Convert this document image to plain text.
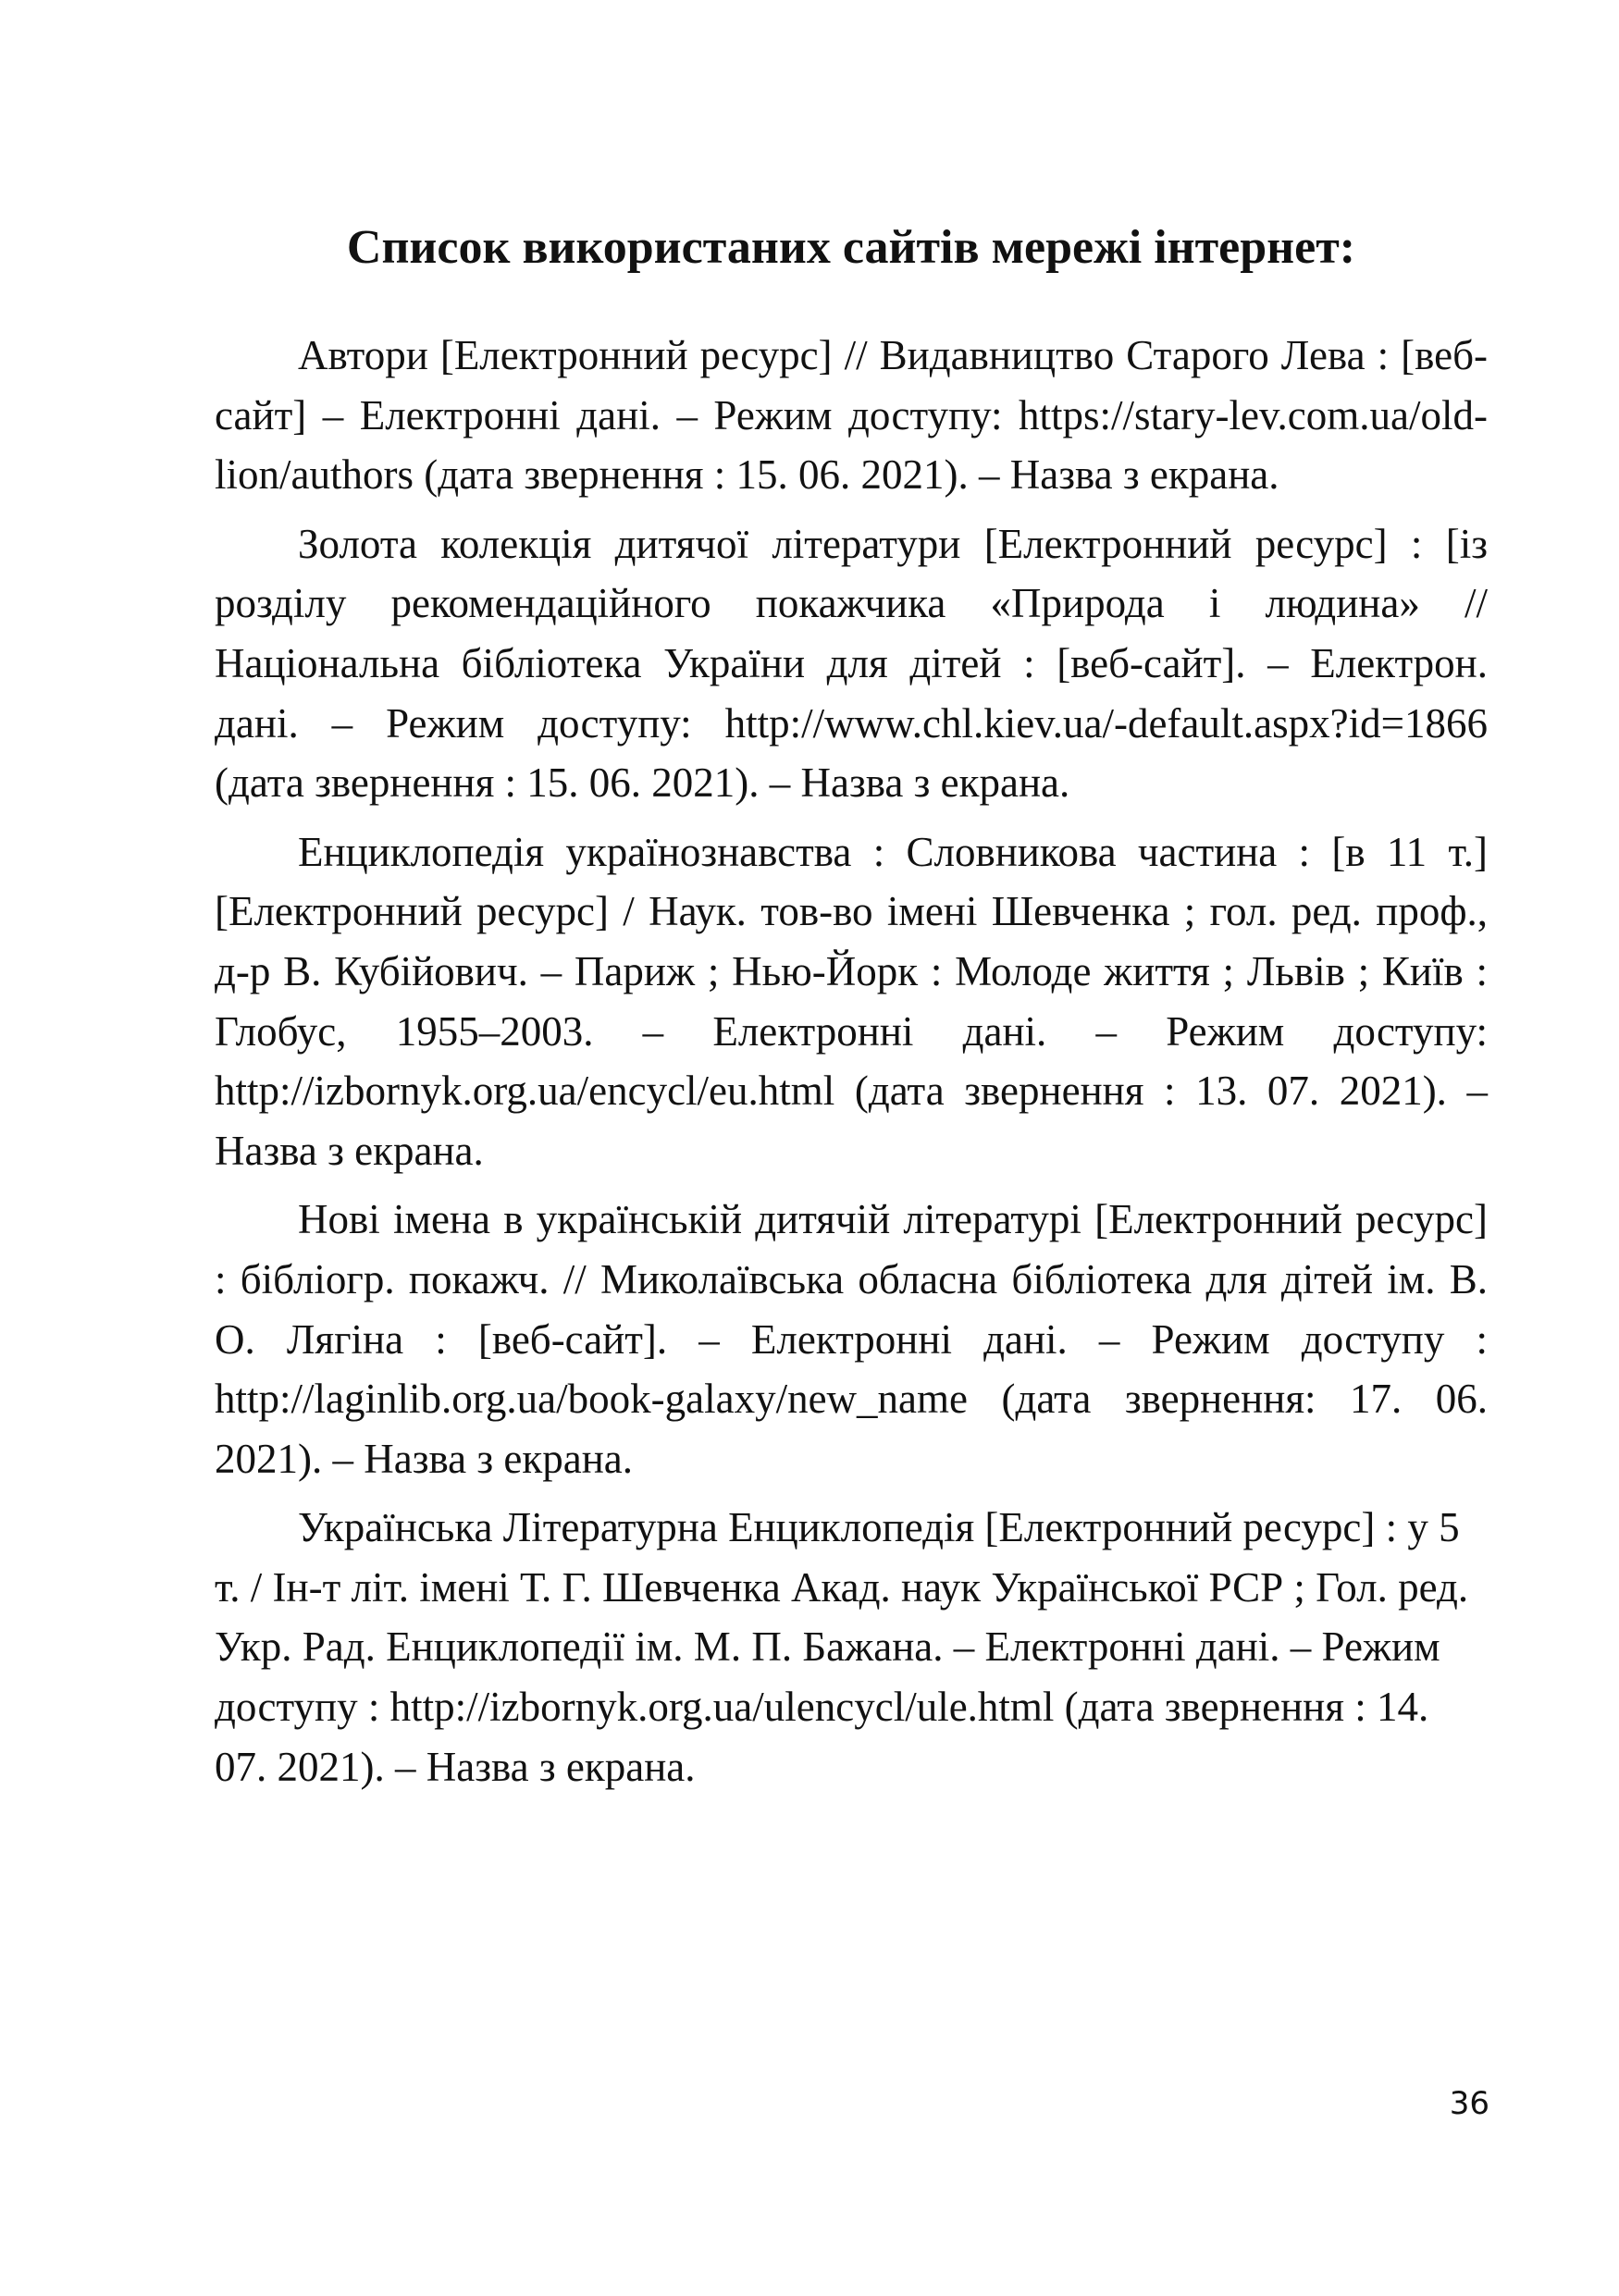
Список використаних сайтів мережі інтернет:

Автори [Електронний ресурс] // Видавництво Старого Лева : [веб-сайт] – Електронні дані. – Режим доступу: https://stary-lev.com.ua/old-lion/authors (дата звернення : 15. 06. 2021). – Назва з екрана.

Золота колекція дитячої літератури [Електронний ресурс] : [із розділу рекомендаційного покажчика «Природа і людина» // Національна бібліотека України для дітей : [веб-сайт]. – Електрон. дані. – Режим доступу: http://www.chl.kiev.ua/-default.aspx?id=1866 (дата звернення : 15. 06. 2021). – Назва з екрана.

Енциклопедія українознавства : Словникова частина : [в 11 т.] [Електронний ресурс] / Наук. тов-во імені Шевченка ; гол. ред. проф., д-р В. Кубійович. – Париж ; Нью-Йорк : Молоде життя ; Львів ; Київ : Глобус, 1955–2003. – Електронні дані. – Режим доступу: http://izbornyk.org.ua/encycl/eu.html (дата звернення : 13. 07. 2021). – Назва з екрана.

Нові імена в українській дитячій літературі [Електронний ресурс] : бібліогр. покажч. // Миколаївська обласна бібліотека для дітей ім. В. О. Лягіна : [веб-сайт]. – Електронні дані. – Режим доступу : http://laginlib.org.ua/book-galaxy/new_name (дата звернення: 17. 06. 2021). – Назва з екрана.

Українська Літературна Енциклопедія [Електронний ресурс] : у 5 т. / Ін-т літ. імені Т. Г. Шевченка Акад. наук Української РСР ; Гол. ред. Укр. Рад. Енциклопедії ім. М. П. Бажана. – Електронні дані. – Режим доступу : http://izbornyk.org.ua/ulencycl/ule.html (дата звернення : 14. 07. 2021). – Назва з екрана.

36
